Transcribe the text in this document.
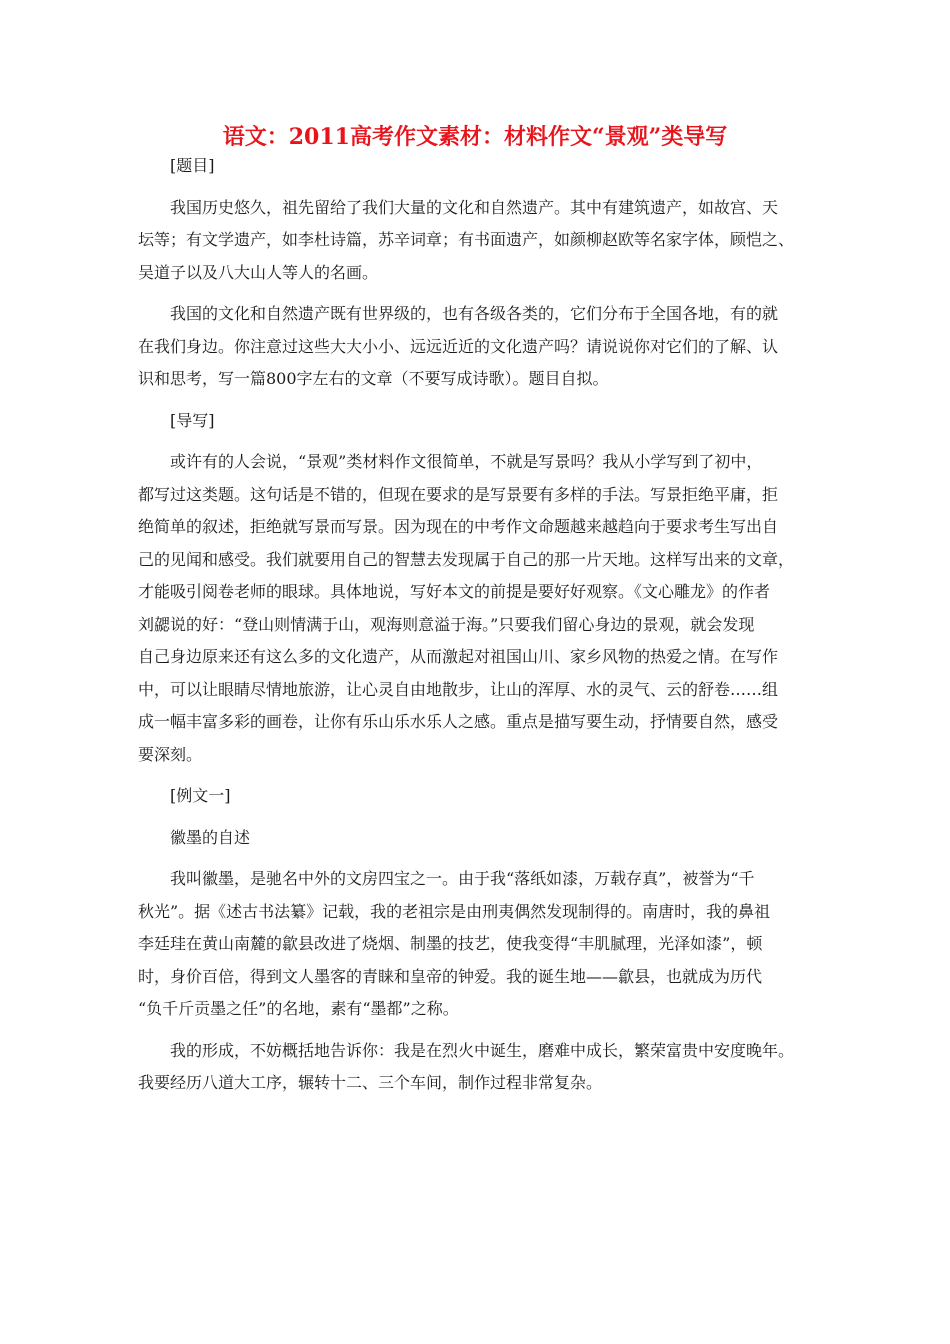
语文：2011高考作文素材：材料作文“景观”类导写

[题目]

我国历史悠久，祖先留给了我们大量的文化和自然遗产。其中有建筑遗产，如故宫、天
坛等；有文学遗产，如李杜诗篇，苏辛词章；有书面遗产，如颜柳赵欧等名家字体，顾恺之、
吴道子以及八大山人等人的名画。

我国的文化和自然遗产既有世界级的，也有各级各类的，它们分布于全国各地，有的就
在我们身边。你注意过这些大大小小、远远近近的文化遗产吗？请说说你对它们的了解、认
识和思考，写一篇800字左右的文章（不要写成诗歌）。题目自拟。

[导写]

或许有的人会说，“景观”类材料作文很简单，不就是写景吗？我从小学写到了初中，
都写过这类题。这句话是不错的，但现在要求的是写景要有多样的手法。写景拒绝平庸，拒
绝简单的叙述，拒绝就写景而写景。因为现在的中考作文命题越来越趋向于要求考生写出自
己的见闻和感受。我们就要用自己的智慧去发现属于自己的那一片天地。这样写出来的文章，
才能吸引阅卷老师的眼球。具体地说，写好本文的前提是要好好观察。《文心雕龙》的作者
刘勰说的好：“登山则情满于山，观海则意溢于海。”只要我们留心身边的景观，就会发现
自己身边原来还有这么多的文化遗产，从而激起对祖国山川、家乡风物的热爱之情。在写作
中，可以让眼睛尽情地旅游，让心灵自由地散步，让山的浑厚、水的灵气、云的舒卷……组
成一幅丰富多彩的画卷，让你有乐山乐水乐人之感。重点是描写要生动，抒情要自然，感受
要深刻。

[例文一]

徽墨的自述

我叫徽墨，是驰名中外的文房四宝之一。由于我“落纸如漆，万载存真”，被誉为“千
秋光”。据《述古书法纂》记载，我的老祖宗是由刑夷偶然发现制得的。南唐时，我的鼻祖
李廷珪在黄山南麓的歙县改进了烧烟、制墨的技艺，使我变得“丰肌腻理，光泽如漆”，顿
时，身价百倍，得到文人墨客的青睐和皇帝的钟爱。我的诞生地——歙县，也就成为历代
“负千斤贡墨之任”的名地，素有“墨都”之称。

我的形成，不妨概括地告诉你：我是在烈火中诞生，磨难中成长，繁荣富贵中安度晚年。
我要经历八道大工序，辗转十二、三个车间，制作过程非常复杂。
